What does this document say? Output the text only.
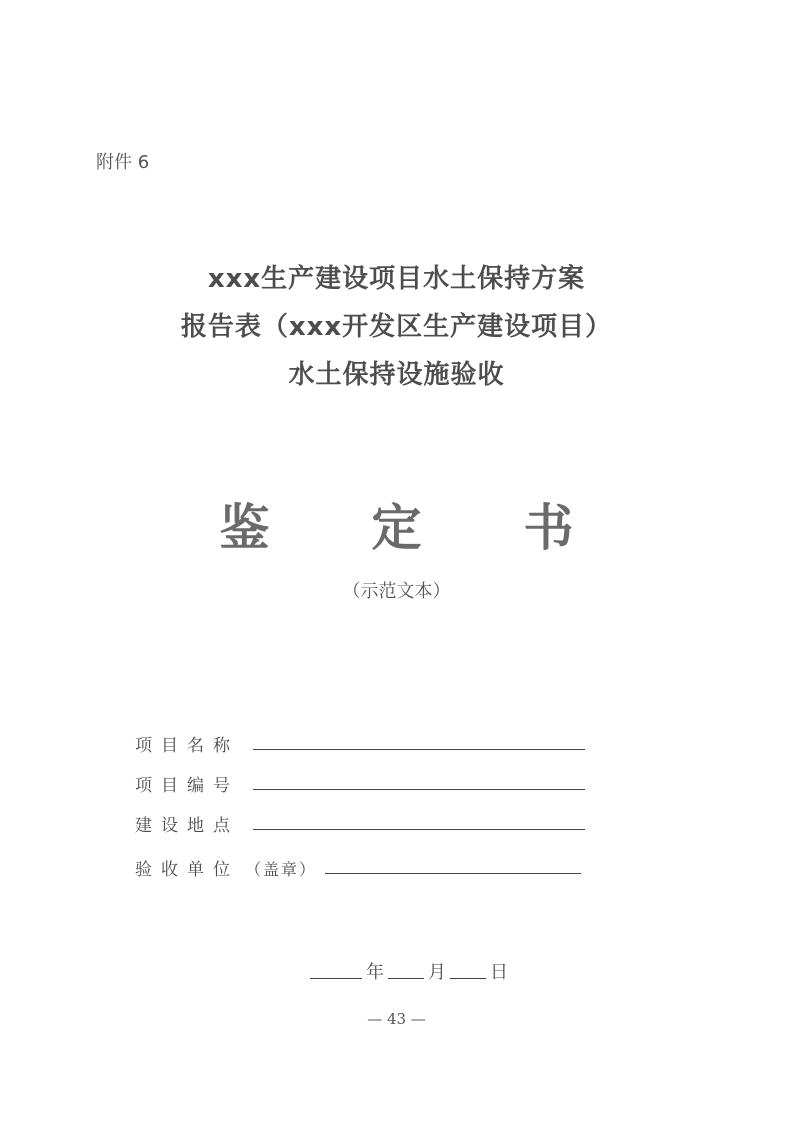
附件 6
xxx生产建设项目水土保持方案
报告表（xxx开发区生产建设项目）
水土保持设施验收
鉴定书
（示范文本）
项目名称
项目编号
建设地点
验收单位 （盖章）
年 月 日
— 43 —
